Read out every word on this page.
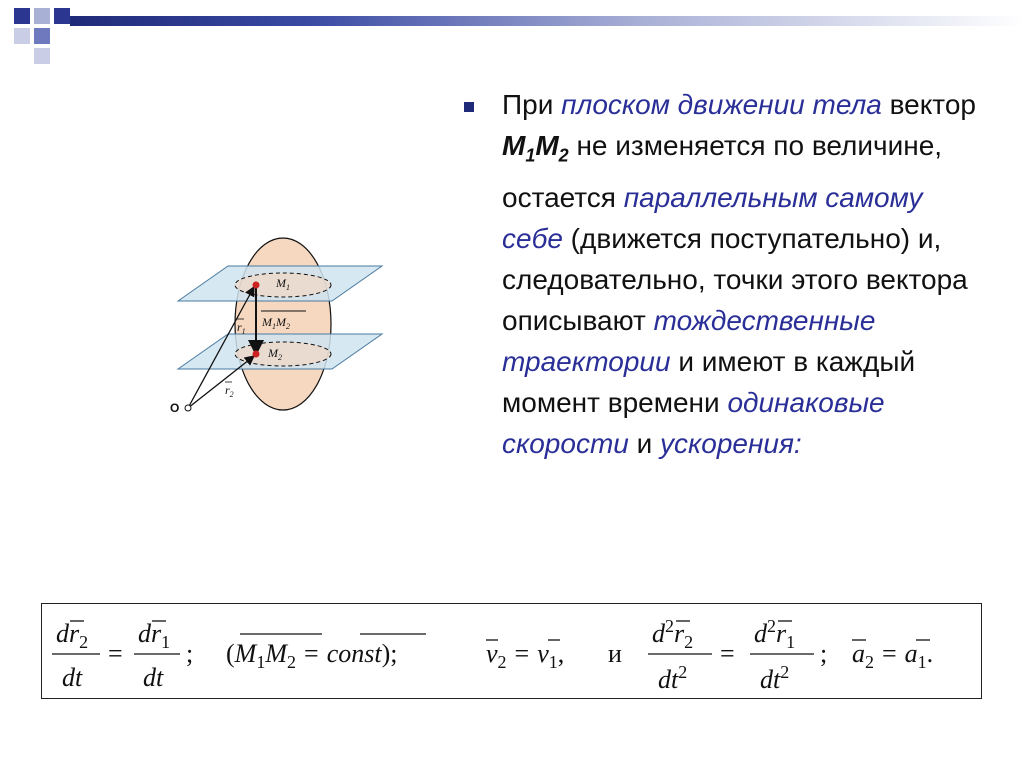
$M_1$
$M_2$
$M_1M_2$
$r_1$
$r_2$
O
При плоском движении тела вектор $M_1M_2$ не изменяется по величине, остается параллельным самому себе (движется поступательно) и, следовательно, точки этого вектора описывают тождественные траектории и имеют в каждый момент времени одинаковые скорости и ускорения:
$dr_2$
dt
=
$dr_1$
dt
; ($M_1M_2$ = const);	$v_2 = v_1$, и
$d^2r_2$
$dt^2$
=
$d^2r_1$
$dt^2$
; $a_2 = a_1$.
